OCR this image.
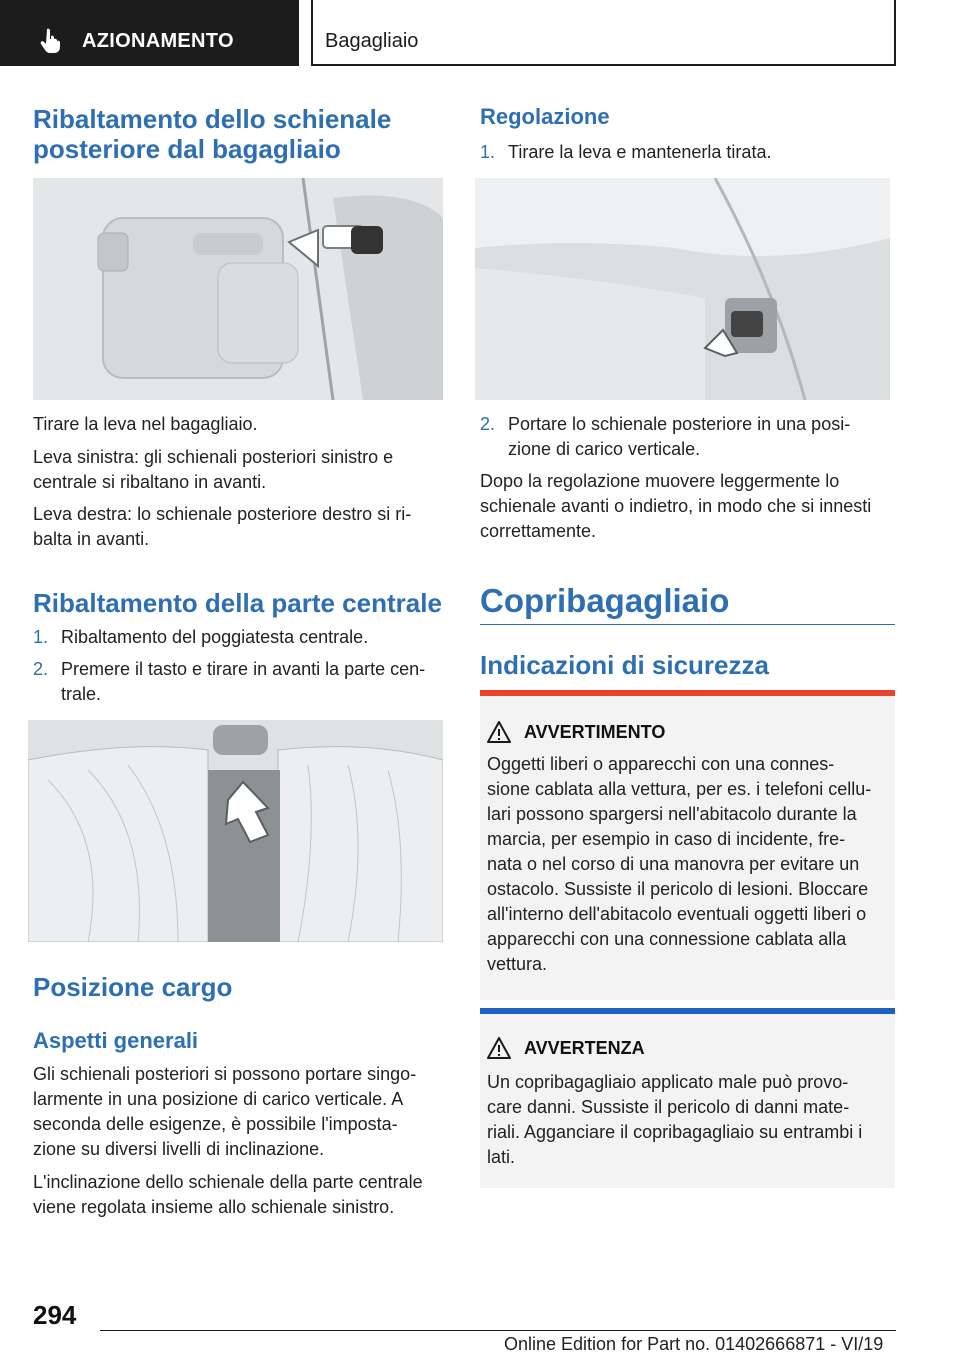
AZIONAMENTO	Bagagliaio
Ribaltamento dello schienale
posteriore dal bagagliaio
Tirare la leva nel bagagliaio.
Leva sinistra: gli schienali posteriori sinistro e
centrale si ribaltano in avanti.
Leva destra: lo schienale posteriore destro si ri-
balta in avanti.
Ribaltamento della parte centrale
1. Ribaltamento del poggiatesta centrale.
2. Premere il tasto e tirare in avanti la parte cen-
trale.
Posizione cargo
Aspetti generali
Gli schienali posteriori si possono portare singo-
larmente in una posizione di carico verticale. A
seconda delle esigenze, è possibile l'imposta-
zione su diversi livelli di inclinazione.
L'inclinazione dello schienale della parte centrale
viene regolata insieme allo schienale sinistro.
Regolazione
1. Tirare la leva e mantenerla tirata.
2. Portare lo schienale posteriore in una posi-
zione di carico verticale.
Dopo la regolazione muovere leggermente lo
schienale avanti o indietro, in modo che si innesti
correttamente.
Copribagagliaio
Indicazioni di sicurezza
AVVERTIMENTO
Oggetti liberi o apparecchi con una connes-
sione cablata alla vettura, per es. i telefoni cellu-
lari possono spargersi nell'abitacolo durante la
marcia, per esempio in caso di incidente, fre-
nata o nel corso di una manovra per evitare un
ostacolo. Sussiste il pericolo di lesioni. Bloccare
all'interno dell'abitacolo eventuali oggetti liberi o
apparecchi con una connessione cablata alla
vettura.
AVVERTENZA
Un copribagagliaio applicato male può provo-
care danni. Sussiste il pericolo di danni mate-
riali. Agganciare il copribagagliaio su entrambi i
lati.
294
Online Edition for Part no. 01402666871 - VI/19
